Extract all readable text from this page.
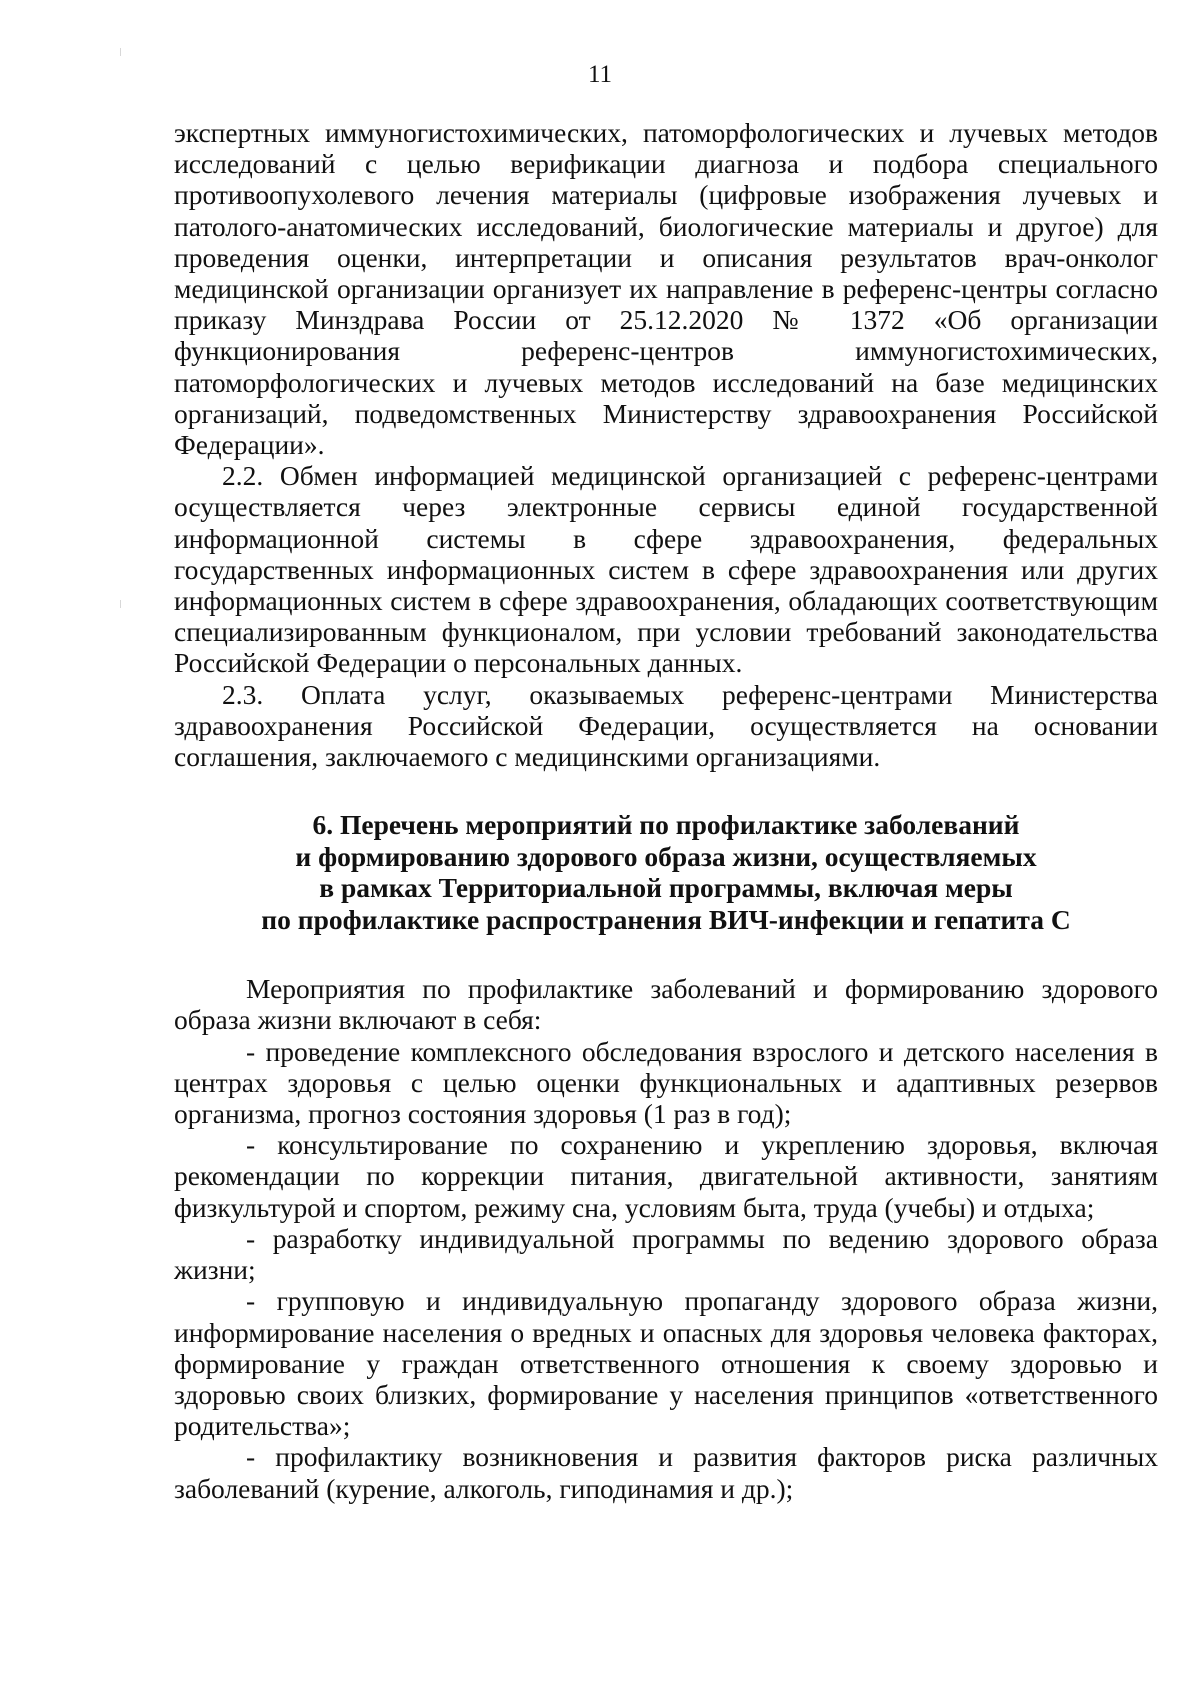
11

экспертных иммуногистохимических, патоморфологических и лучевых методов исследований с целью верификации диагноза и подбора специального противоопухолевого лечения материалы (цифровые изображения лучевых и патолого-анатомических исследований, биологические материалы и другое) для проведения оценки, интерпретации и описания результатов врач-онколог медицинской организации организует их направление в референс-центры согласно приказу Минздрава России от 25.12.2020 № 1372 «Об организации функционирования референс-центров иммуногистохимических, патоморфологических и лучевых методов исследований на базе медицинских организаций, подведомственных Министерству здравоохранения Российской Федерации».

2.2. Обмен информацией медицинской организацией с референс-центрами осуществляется через электронные сервисы единой государственной информационной системы в сфере здравоохранения, федеральных государственных информационных систем в сфере здравоохранения или других информационных систем в сфере здравоохранения, обладающих соответствующим специализированным функционалом, при условии требований законодательства Российской Федерации о персональных данных.

2.3. Оплата услуг, оказываемых референс-центрами Министерства здравоохранения Российской Федерации, осуществляется на основании соглашения, заключаемого с медицинскими организациями.

6. Перечень мероприятий по профилактике заболеваний
и формированию здорового образа жизни, осуществляемых
в рамках Территориальной программы, включая меры
по профилактике распространения ВИЧ-инфекции и гепатита С

Мероприятия по профилактике заболеваний и формированию здорового образа жизни включают в себя:

- проведение комплексного обследования взрослого и детского населения в центрах здоровья с целью оценки функциональных и адаптивных резервов организма, прогноз состояния здоровья (1 раз в год);

- консультирование по сохранению и укреплению здоровья, включая рекомендации по коррекции питания, двигательной активности, занятиям физкультурой и спортом, режиму сна, условиям быта, труда (учебы) и отдыха;

- разработку индивидуальной программы по ведению здорового образа жизни;

- групповую и индивидуальную пропаганду здорового образа жизни, информирование населения о вредных и опасных для здоровья человека факторах, формирование у граждан ответственного отношения к своему здоровью и здоровью своих близких, формирование у населения принципов «ответственного родительства»;

- профилактику возникновения и развития факторов риска различных заболеваний (курение, алкоголь, гиподинамия и др.);
